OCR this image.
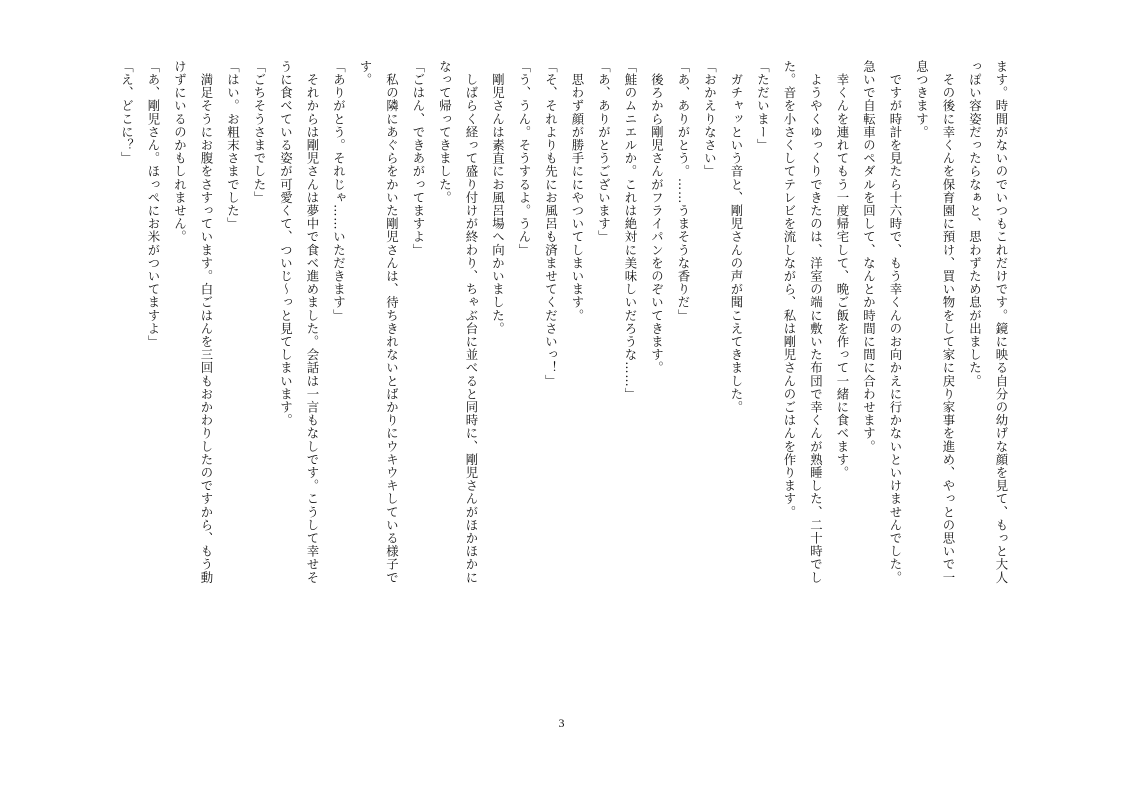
ます。時間がないのでいつもこれだけです。鏡に映る自分の幼げな顔を見て、もっと大人
っぽい容姿だったらなぁと、思わずため息が出ました。
　その後に幸くんを保育園に預け、買い物をして家に戻り家事を進め、やっとの思いで一
息つきます。
　ですが時計を見たら十六時で、もう幸くんのお向かえに行かないといけませんでした。
急いで自転車のペダルを回して、なんとか時間に間に合わせます。
　幸くんを連れてもう一度帰宅して、晩ご飯を作って一緒に食べます。
　ようやくゆっくりできたのは、洋室の端に敷いた布団で幸くんが熟睡した、二十時でし
た。音を小さくしてテレビを流しながら、私は剛児さんのごはんを作ります。
「ただいまー」
　ガチャッという音と、剛児さんの声が聞こえてきました。
「おかえりなさい」
「あ、ありがとう。……うまそうな香りだ」
　後ろから剛児さんがフライパンをのぞいてきます。
「鮭のムニエルか。これは絶対に美味しいだろうな……」
「あ、ありがとうございます」
　思わず顔が勝手ににやついてしまいます。
「そ、それよりも先にお風呂も済ませてくださいっ！」
「う、うん。そうするよ。うん」
　剛児さんは素直にお風呂場へ向かいました。
　しばらく経って盛り付けが終わり、ちゃぶ台に並べると同時に、剛児さんがほかほかに
なって帰ってきました。
「ごはん、できあがってますよ」
　私の隣にあぐらをかいた剛児さんは、待ちきれないとばかりにウキウキしている様子で
す。
「ありがとう。それじゃ……いただきます」
　それからは剛児さんは夢中で食べ進めました。会話は一言もなしです。こうして幸せそ
うに食べている姿が可愛くて、ついじ～っと見てしまいます。
「ごちそうさまでした」
「はい。お粗末さまでした」
　満足そうにお腹をさすっています。白ごはんを三回もおかわりしたのですから、もう動
けずにいるのかもしれません。
「あ、剛児さん。ほっぺにお米がついてますよ」
「え、どこに？」
3
